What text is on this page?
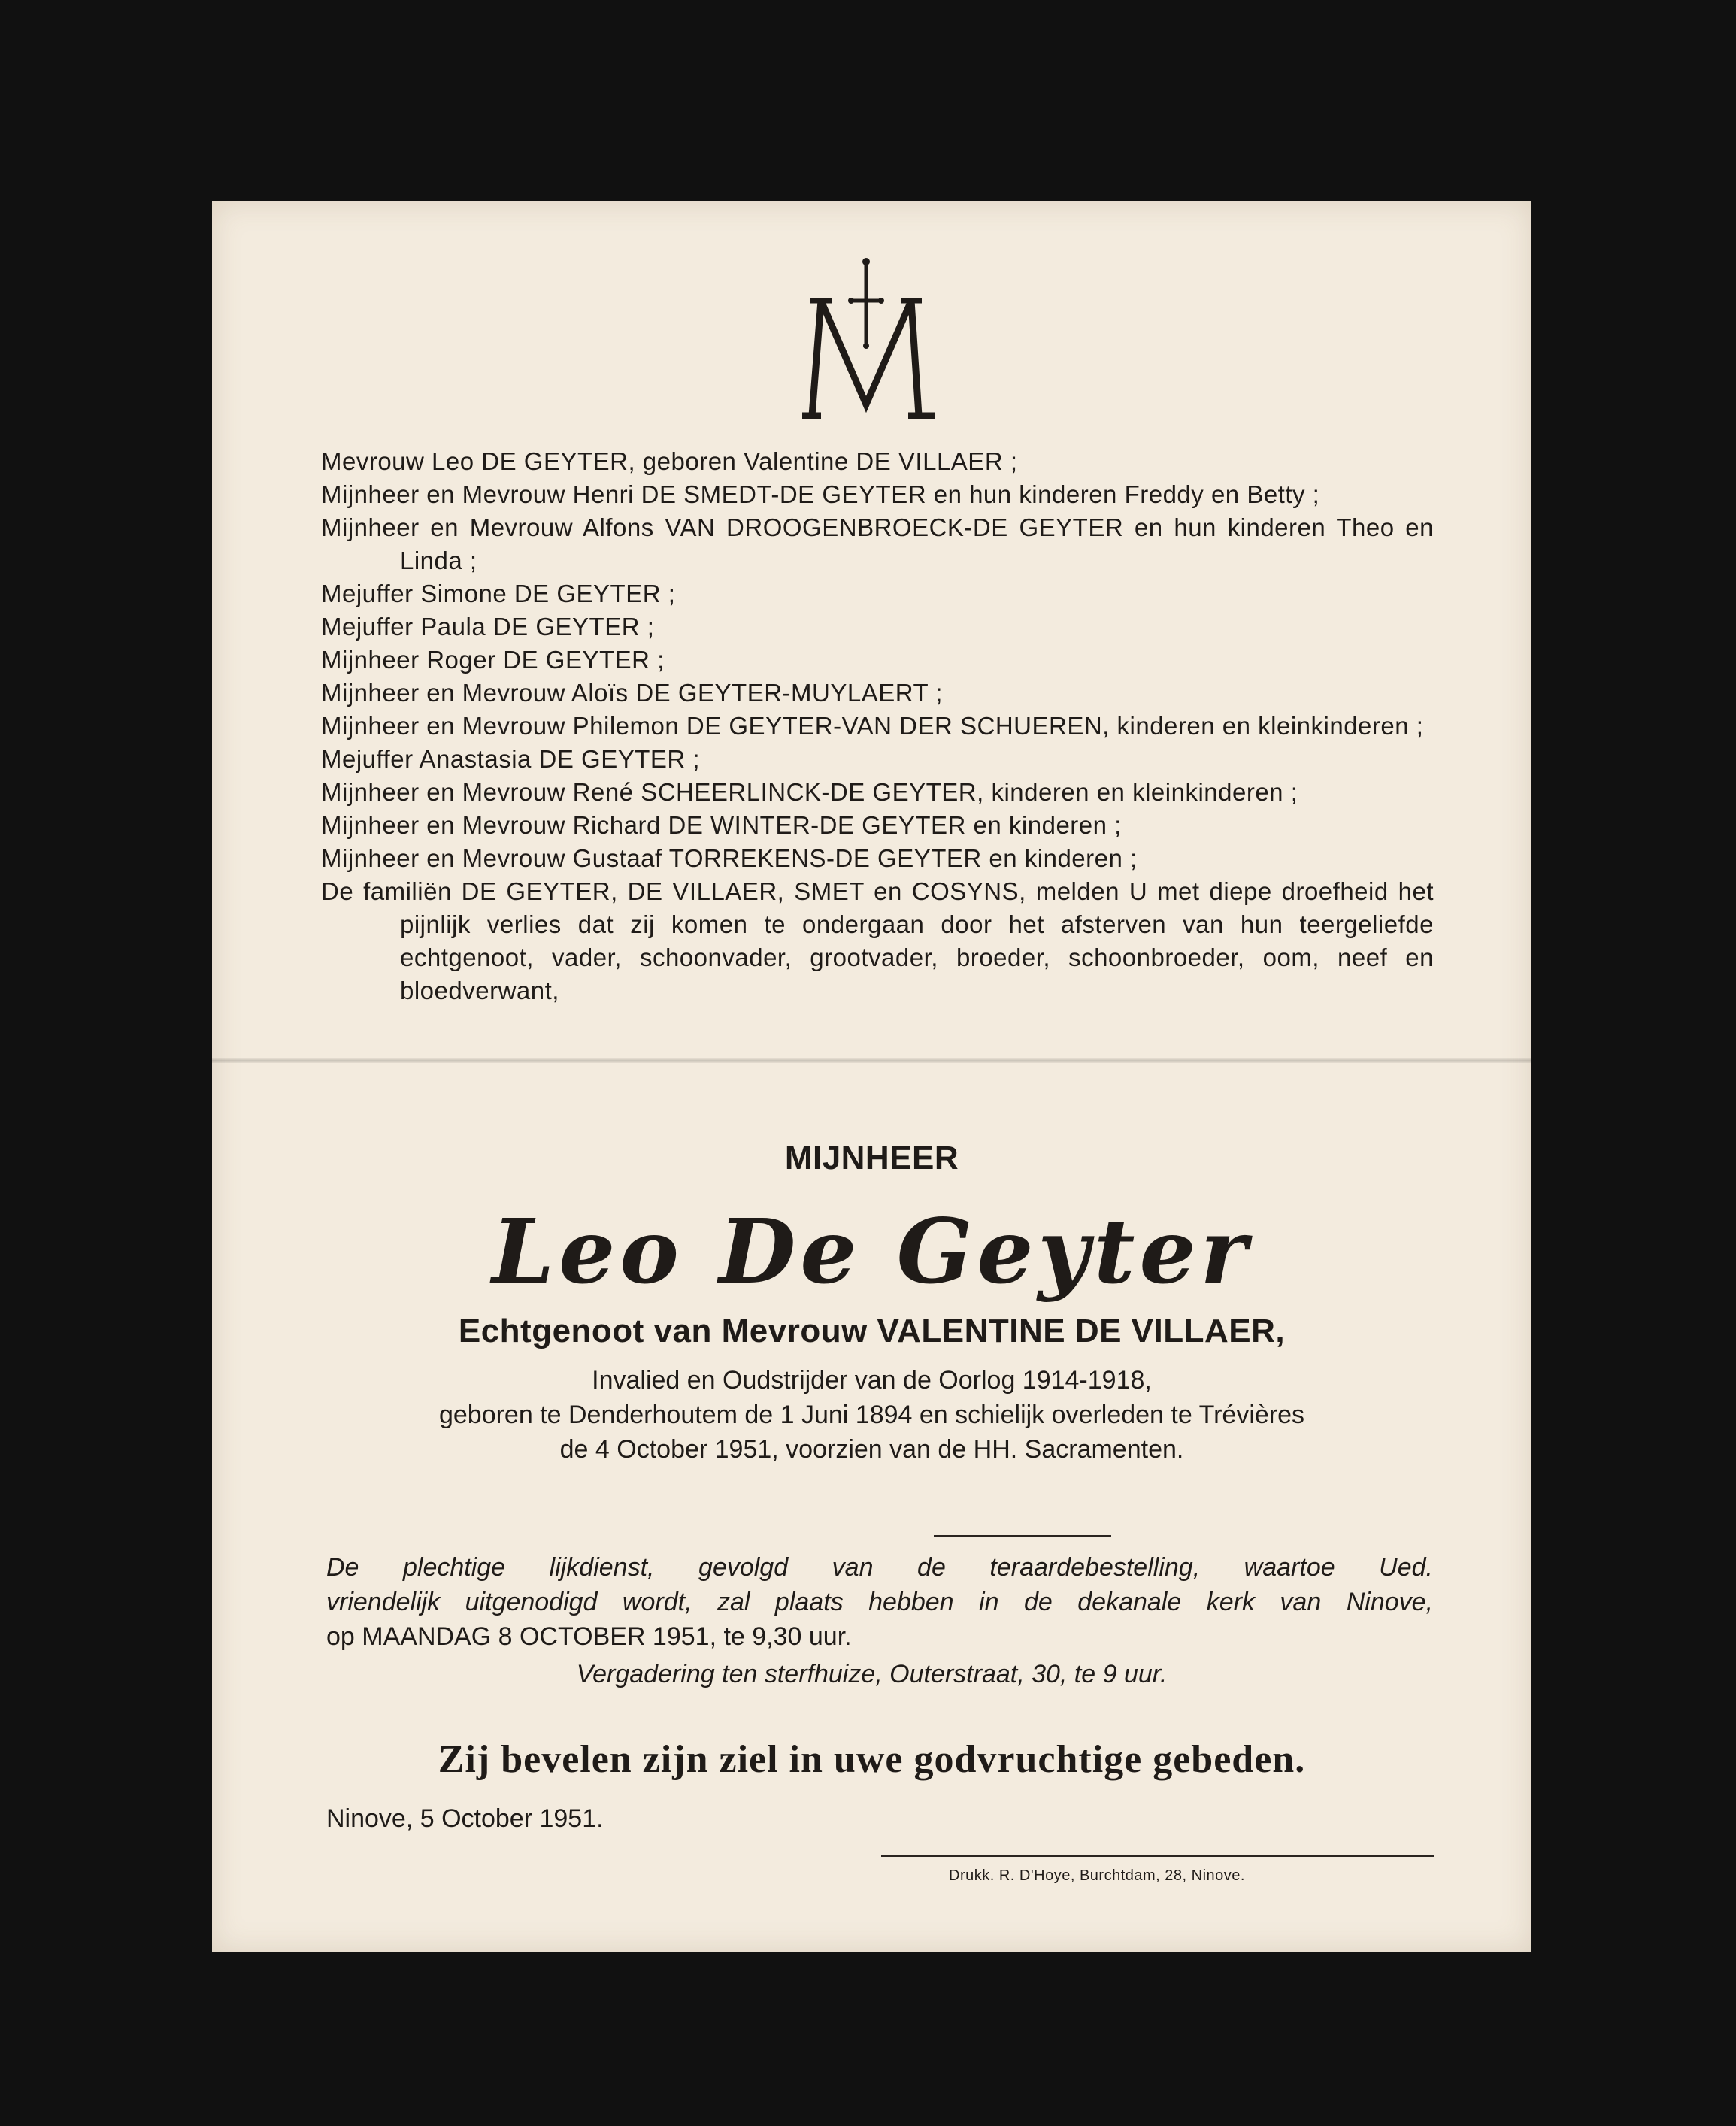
Mevrouw Leo DE GEYTER, geboren Valentine DE VILLAER ;
Mijnheer en Mevrouw Henri DE SMEDT-DE GEYTER en hun kinderen Freddy en Betty ;
Mijnheer en Mevrouw Alfons VAN DROOGENBROECK-DE GEYTER en hun kinderen Theo en Linda ;
Mejuffer Simone DE GEYTER ;
Mejuffer Paula DE GEYTER ;
Mijnheer Roger DE GEYTER ;
Mijnheer en Mevrouw Aloïs DE GEYTER-MUYLAERT ;
Mijnheer en Mevrouw Philemon DE GEYTER-VAN DER SCHUEREN, kinderen en kleinkinderen ;
Mejuffer Anastasia DE GEYTER ;
Mijnheer en Mevrouw René SCHEERLINCK-DE GEYTER, kinderen en kleinkinderen ;
Mijnheer en Mevrouw Richard DE WINTER-DE GEYTER en kinderen ;
Mijnheer en Mevrouw Gustaaf TORREKENS-DE GEYTER en kinderen ;
De familiën DE GEYTER, DE VILLAER, SMET en COSYNS, melden U met diepe droefheid het pijnlijk verlies dat zij komen te ondergaan door het afsterven van hun teergeliefde echtgenoot, vader, schoonvader, grootvader, broeder, schoonbroeder, oom, neef en bloedverwant,
MIJNHEER
Leo De Geyter
Echtgenoot van Mevrouw VALENTINE DE VILLAER,
Invalied en Oudstrijder van de Oorlog 1914-1918,
geboren te Denderhoutem de 1 Juni 1894 en schielijk overleden te Trévières
de 4 October 1951, voorzien van de HH. Sacramenten.
De plechtige lijkdienst, gevolgd van de teraardebestelling, waartoe Ued.
vriendelijk uitgenodigd wordt, zal plaats hebben in de dekanale kerk van Ninove,
op MAANDAG 8 OCTOBER 1951, te 9,30 uur.
Vergadering ten sterfhuize, Outerstraat, 30, te 9 uur.
Zij bevelen zijn ziel in uwe godvruchtige gebeden.
Ninove, 5 October 1951.
Drukk. R. D'Hoye, Burchtdam, 28, Ninove.
